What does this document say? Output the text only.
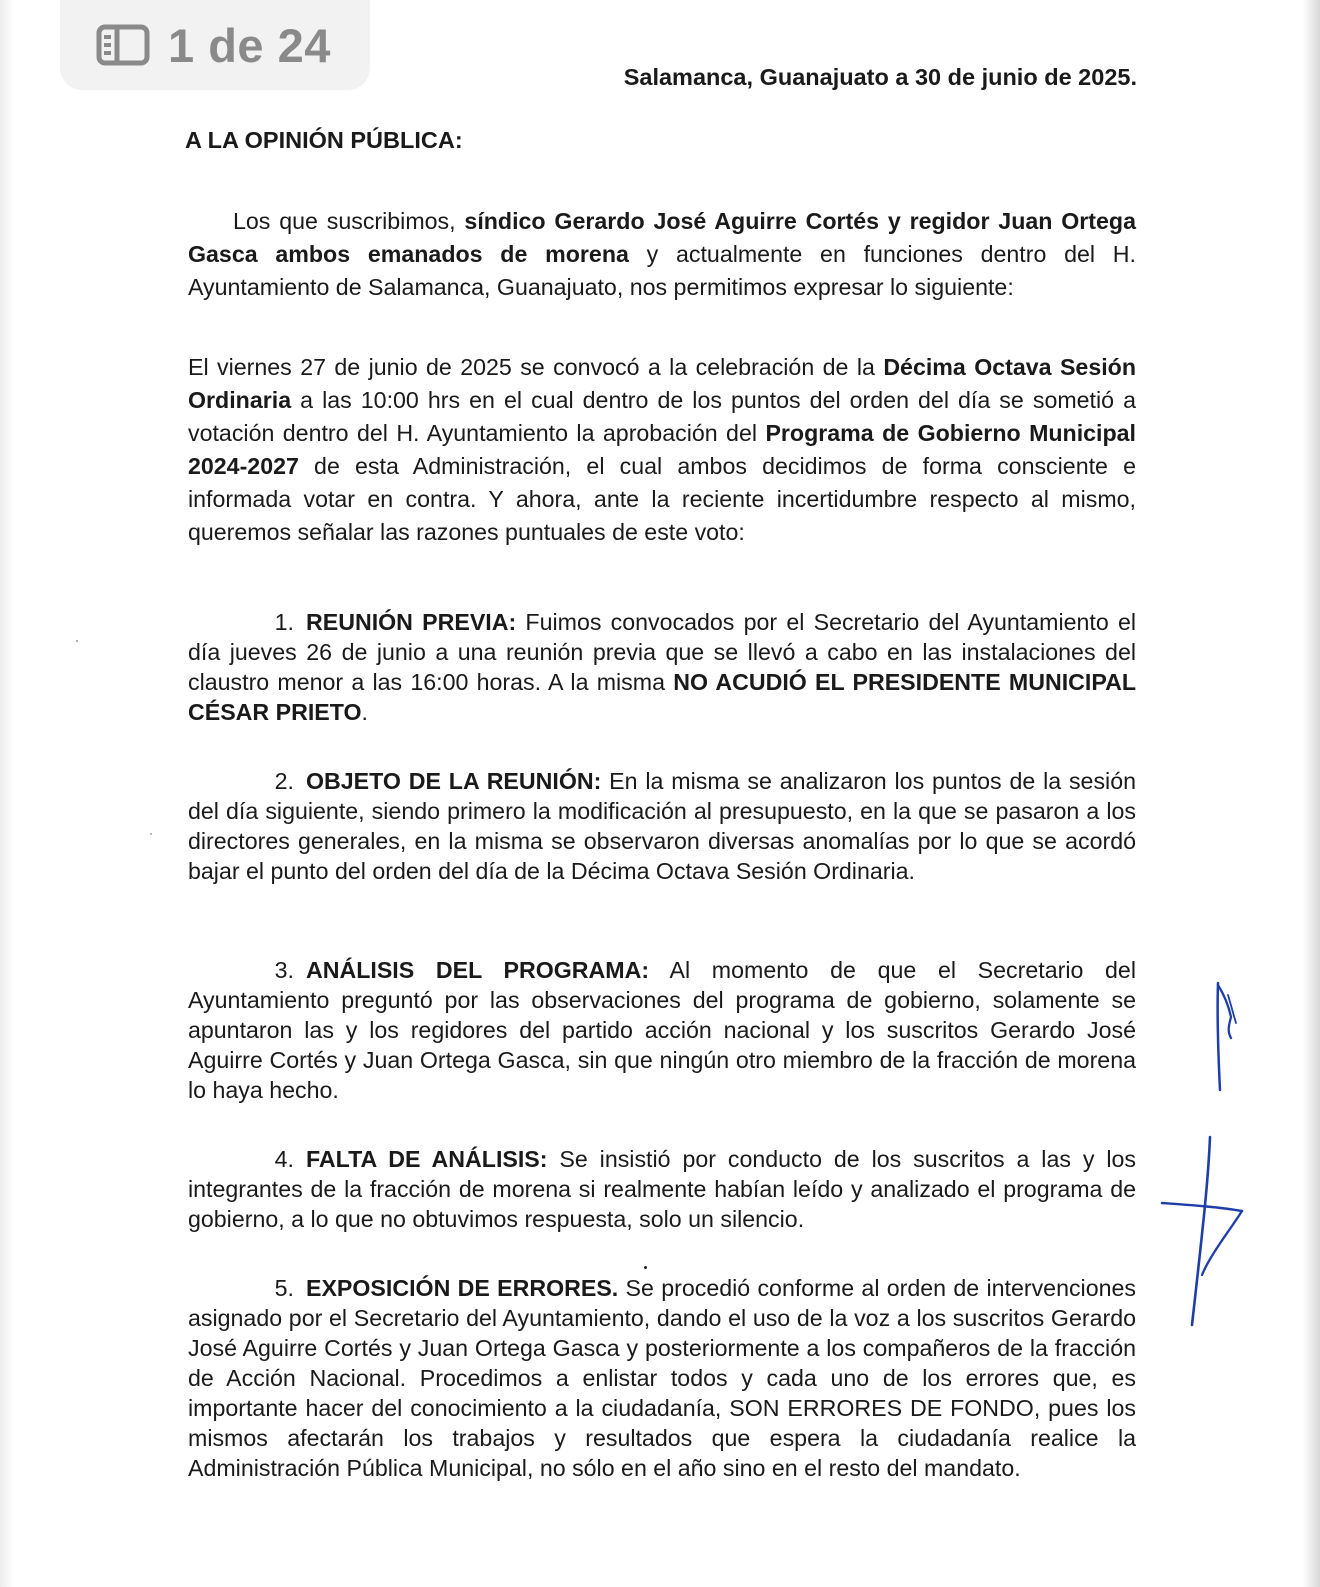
1 de 24
Salamanca, Guanajuato a 30 de junio de 2025.
A LA OPINIÓN PÚBLICA:

Los que suscribimos, síndico Gerardo José Aguirre Cortés y regidor Juan Ortega Gasca ambos emanados de morena y actualmente en funciones dentro del H. Ayuntamiento de Salamanca, Guanajuato, nos permitimos expresar lo siguiente:

El viernes 27 de junio de 2025 se convocó a la celebración de la Décima Octava Sesión Ordinaria a las 10:00 hrs en el cual dentro de los puntos del orden del día se sometió a votación dentro del H. Ayuntamiento la aprobación del Programa de Gobierno Municipal 2024-2027 de esta Administración, el cual ambos decidimos de forma consciente e informada votar en contra. Y ahora, ante la reciente incertidumbre respecto al mismo, queremos señalar las razones puntuales de este voto:

1. REUNIÓN PREVIA: Fuimos convocados por el Secretario del Ayuntamiento el día jueves 26 de junio a una reunión previa que se llevó a cabo en las instalaciones del claustro menor a las 16:00 horas. A la misma NO ACUDIÓ EL PRESIDENTE MUNICIPAL CÉSAR PRIETO.

2. OBJETO DE LA REUNIÓN: En la misma se analizaron los puntos de la sesión del día siguiente, siendo primero la modificación al presupuesto, en la que se pasaron a los directores generales, en la misma se observaron diversas anomalías por lo que se acordó bajar el punto del orden del día de la Décima Octava Sesión Ordinaria.

3. ANÁLISIS DEL PROGRAMA: Al momento de que el Secretario del Ayuntamiento preguntó por las observaciones del programa de gobierno, solamente se apuntaron las y los regidores del partido acción nacional y los suscritos Gerardo José Aguirre Cortés y Juan Ortega Gasca, sin que ningún otro miembro de la fracción de morena lo haya hecho.

4. FALTA DE ANÁLISIS: Se insistió por conducto de los suscritos a las y los integrantes de la fracción de morena si realmente habían leído y analizado el programa de gobierno, a lo que no obtuvimos respuesta, solo un silencio.

5. EXPOSICIÓN DE ERRORES. Se procedió conforme al orden de intervenciones asignado por el Secretario del Ayuntamiento, dando el uso de la voz a los suscritos Gerardo José Aguirre Cortés y Juan Ortega Gasca y posteriormente a los compañeros de la fracción de Acción Nacional. Procedimos a enlistar todos y cada uno de los errores que, es importante hacer del conocimiento a la ciudadanía, SON ERRORES DE FONDO, pues los mismos afectarán los trabajos y resultados que espera la ciudadanía realice la Administración Pública Municipal, no sólo en el año sino en el resto del mandato.
